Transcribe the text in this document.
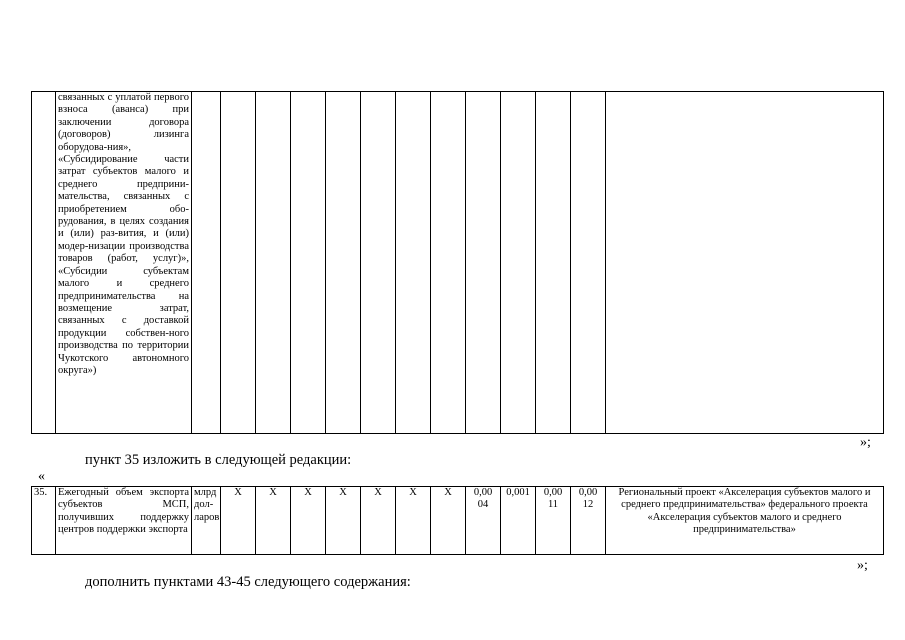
	связанных с уплатой первого взноса (аванса) при заключении договора (договоров) лизинга оборудова-ния», «Субсидирование части затрат субъектов малого и среднего предприни-мательства, связанных с приобретением обо-рудования, в целях создания и (или) раз-вития, и (или) модер-низации производства товаров (работ, услуг)», «Субсидии субъектам малого и среднего предпринимательства на возмещение затрат, связанных с доставкой продукции собствен-ного производства по территории Чукотского автономного округа»)													
»;
пункт 35 изложить в следующей редакции:
«
35.	Ежегодный объем экспорта субъектов МСП, получивших поддержку центров поддержки экспорта	млрд дол-ларов	Х	Х	Х	Х	Х	Х	Х	0,00 04	0,001	0,00 11	0,00 12	Региональный проект «Акселерация субъектов малого и среднего предпринимательства» федерального проекта «Акселерация субъектов малого и среднего предпринимательства»
»;
дополнить пунктами 43-45 следующего содержания:
